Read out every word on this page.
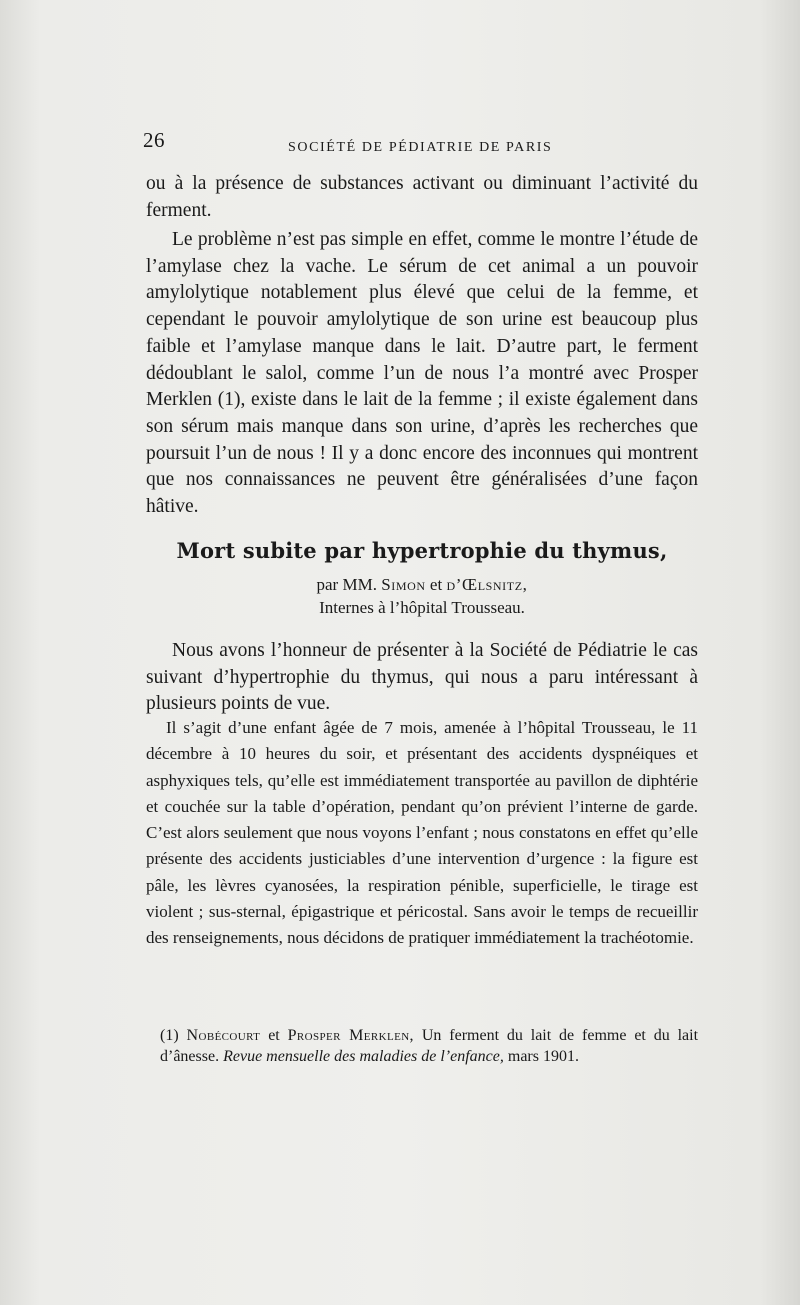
26	SOCIÉTÉ DE PÉDIATRIE DE PARIS

ou à la présence de substances activant ou diminuant l’activité du ferment.

Le problème n’est pas simple en effet, comme le montre l’étude de l’amylase chez la vache. Le sérum de cet animal a un pouvoir amylolytique notablement plus élevé que celui de la femme, et cependant le pouvoir amylolytique de son urine est beaucoup plus faible et l’amylase manque dans le lait. D’autre part, le ferment dédoublant le salol, comme l’un de nous l’a montré avec Prosper Merklen (1), existe dans le lait de la femme ; il existe également dans son sérum mais manque dans son urine, d’après les recherches que poursuit l’un de nous ! Il y a donc encore des inconnues qui montrent que nos connaissances ne peuvent être généralisées d’une façon hâtive.

Mort subite par hypertrophie du thymus,
par MM. Simon et d’Œlsnitz,
Internes à l’hôpital Trousseau.

Nous avons l’honneur de présenter à la Société de Pédiatrie le cas suivant d’hypertrophie du thymus, qui nous a paru intéressant à plusieurs points de vue.

Il s’agit d’une enfant âgée de 7 mois, amenée à l’hôpital Trousseau, le 11 décembre à 10 heures du soir, et présentant des accidents dyspnéiques et asphyxiques tels, qu’elle est immédiatement transportée au pavillon de diphtérie et couchée sur la table d’opération, pendant qu’on prévient l’interne de garde. C’est alors seulement que nous voyons l’enfant ; nous constatons en effet qu’elle présente des accidents justiciables d’une intervention d’urgence : la figure est pâle, les lèvres cyanosées, la respiration pénible, superficielle, le tirage est violent ; sus-sternal, épigastrique et péricostal. Sans avoir le temps de recueillir des renseignements, nous décidons de pratiquer immédiatement la trachéotomie.

(1) Nobécourt et Prosper Merklen, Un ferment du lait de femme et du lait d’ânesse. Revue mensuelle des maladies de l’enfance, mars 1901.
